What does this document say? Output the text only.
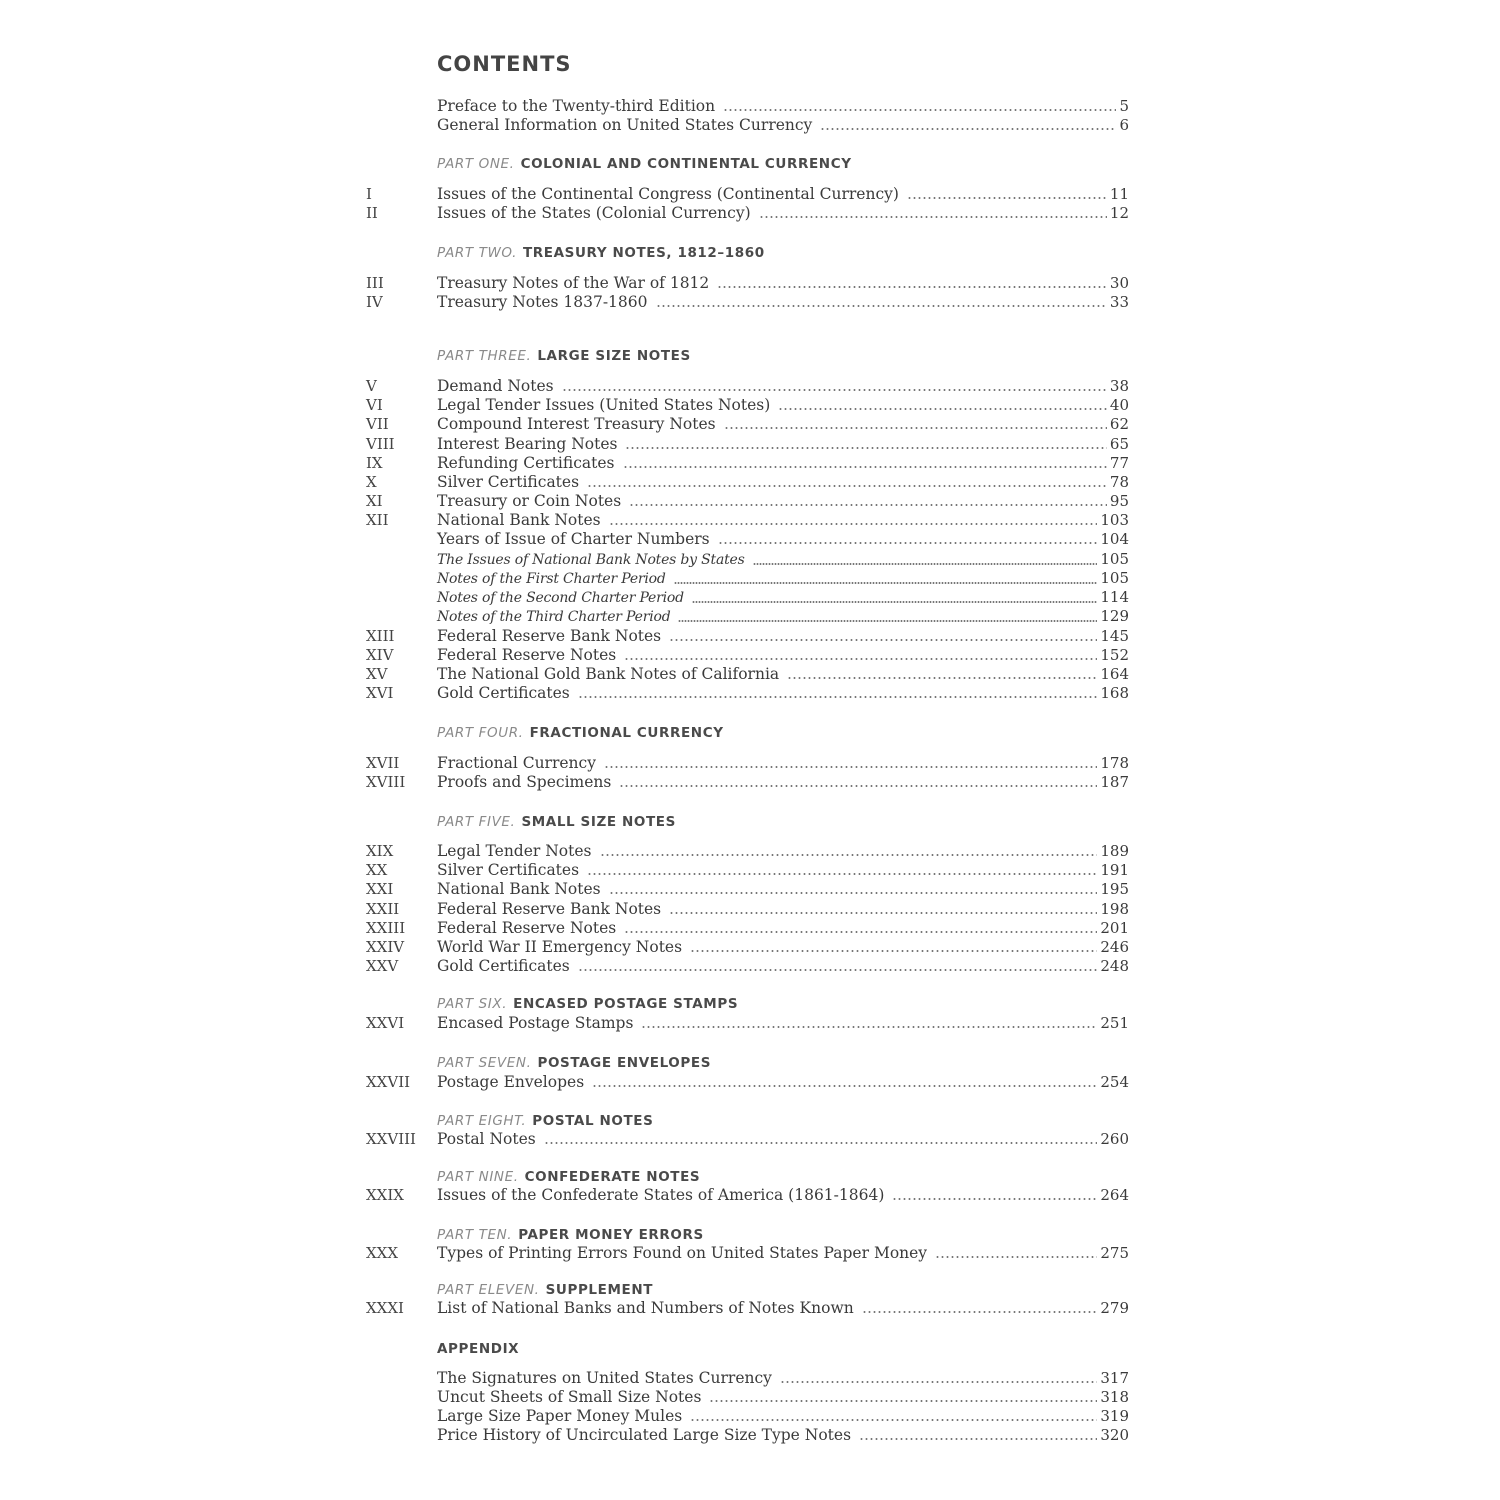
CONTENTS
Preface to the Twenty-third Edition	5
General Information on United States Currency	6
PART ONE. COLONIAL AND CONTINENTAL CURRENCY
I	Issues of the Continental Congress (Continental Currency)	11
II	Issues of the States (Colonial Currency)	12
PART TWO. TREASURY NOTES, 1812–1860
III	Treasury Notes of the War of 1812	30
IV	Treasury Notes 1837-1860	33
PART THREE. LARGE SIZE NOTES
V	Demand Notes	38
VI	Legal Tender Issues (United States Notes)	40
VII	Compound Interest Treasury Notes	62
VIII	Interest Bearing Notes	65
IX	Refunding Certificates	77
X	Silver Certificates	78
XI	Treasury or Coin Notes	95
XII	National Bank Notes	103
Years of Issue of Charter Numbers	104
The Issues of National Bank Notes by States	105
Notes of the First Charter Period	105
Notes of the Second Charter Period	114
Notes of the Third Charter Period	129
XIII	Federal Reserve Bank Notes	145
XIV	Federal Reserve Notes	152
XV	The National Gold Bank Notes of California	164
XVI	Gold Certificates	168
PART FOUR. FRACTIONAL CURRENCY
XVII	Fractional Currency	178
XVIII	Proofs and Specimens	187
PART FIVE. SMALL SIZE NOTES
XIX	Legal Tender Notes	189
XX	Silver Certificates	191
XXI	National Bank Notes	195
XXII	Federal Reserve Bank Notes	198
XXIII	Federal Reserve Notes	201
XXIV	World War II Emergency Notes	246
XXV	Gold Certificates	248
PART SIX. ENCASED POSTAGE STAMPS
XXVI	Encased Postage Stamps	251
PART SEVEN. POSTAGE ENVELOPES
XXVII	Postage Envelopes	254
PART EIGHT. POSTAL NOTES
XXVIII	Postal Notes	260
PART NINE. CONFEDERATE NOTES
XXIX	Issues of the Confederate States of America (1861-1864)	264
PART TEN. PAPER MONEY ERRORS
XXX	Types of Printing Errors Found on United States Paper Money	275
PART ELEVEN. SUPPLEMENT
XXXI	List of National Banks and Numbers of Notes Known	279
APPENDIX
The Signatures on United States Currency	317
Uncut Sheets of Small Size Notes	318
Large Size Paper Money Mules	319
Price History of Uncirculated Large Size Type Notes	320
